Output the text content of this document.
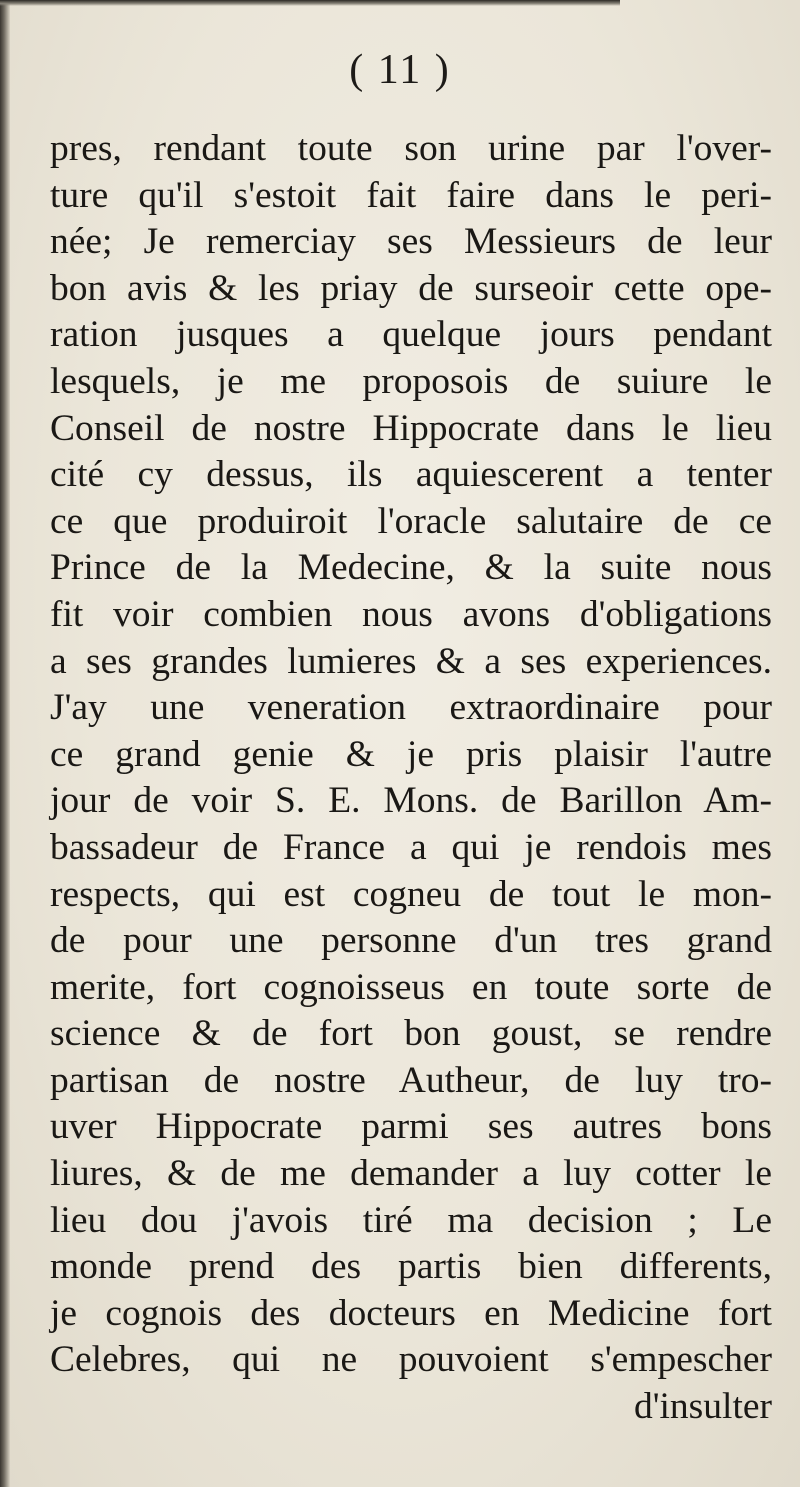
( 11 )
pres, rendant toute son urine par l'over-
ture qu'il s'estoit fait faire dans le peri-
née; Je remerciay ses Messieurs de leur
bon avis & les priay de surseoir cette ope-
ration jusques a quelque jours pendant
lesquels, je me proposois de suiure le
Conseil de nostre Hippocrate dans le lieu
cité cy dessus, ils aquiescerent a tenter
ce que produiroit l'oracle salutaire de ce
Prince de la Medecine, & la suite nous
fit voir combien nous avons d'obligations
a ses grandes lumieres & a ses experiences.
J'ay une veneration extraordinaire pour
ce grand genie & je pris plaisir l'autre
jour de voir S. E. Mons. de Barillon Am-
bassadeur de France a qui je rendois mes
respects, qui est cogneu de tout le mon-
de pour une personne d'un tres grand
merite, fort cognoisseus en toute sorte de
science & de fort bon goust, se rendre
partisan de nostre Autheur, de luy tro-
uver Hippocrate parmi ses autres bons
liures, & de me demander a luy cotter le
lieu dou j'avois tiré ma decision ; Le
monde prend des partis bien differents,
je cognois des docteurs en Medicine fort
Celebres, qui ne pouvoient s'empescher
d'insulter
